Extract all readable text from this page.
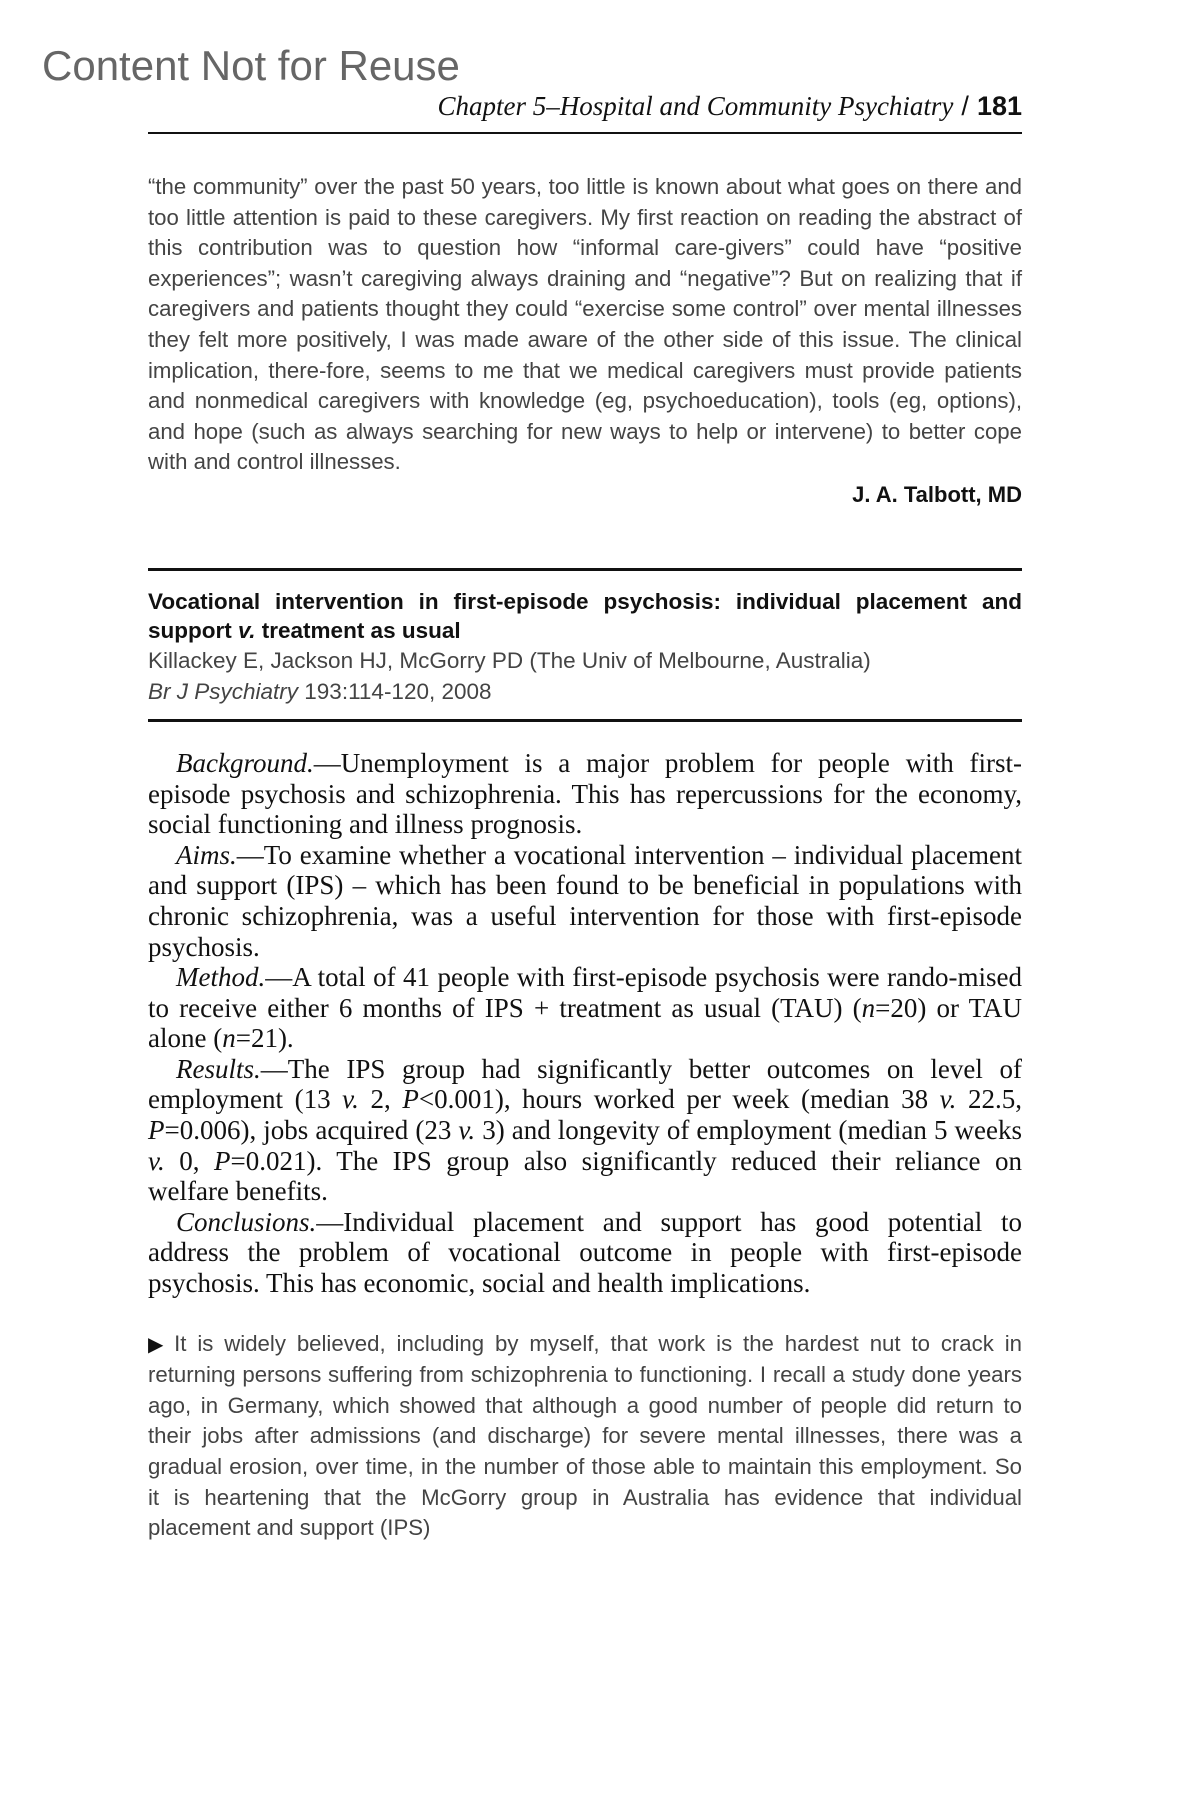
Content Not for Reuse
Chapter 5–Hospital and Community Psychiatry / 181
“the community” over the past 50 years, too little is known about what goes on there and too little attention is paid to these caregivers. My first reaction on reading the abstract of this contribution was to question how “informal care-givers” could have “positive experiences”; wasn’t caregiving always draining and “negative”? But on realizing that if caregivers and patients thought they could “exercise some control” over mental illnesses they felt more positively, I was made aware of the other side of this issue. The clinical implication, there-fore, seems to me that we medical caregivers must provide patients and nonmedical caregivers with knowledge (eg, psychoeducation), tools (eg, options), and hope (such as always searching for new ways to help or intervene) to better cope with and control illnesses.
J. A. Talbott, MD
Vocational intervention in first-episode psychosis: individual placement and support v. treatment as usual
Killackey E, Jackson HJ, McGorry PD (The Univ of Melbourne, Australia)
Br J Psychiatry 193:114-120, 2008

Background.—Unemployment is a major problem for people with first-episode psychosis and schizophrenia. This has repercussions for the economy, social functioning and illness prognosis.

Aims.—To examine whether a vocational intervention – individual placement and support (IPS) – which has been found to be beneficial in populations with chronic schizophrenia, was a useful intervention for those with first-episode psychosis.

Method.—A total of 41 people with first-episode psychosis were rando-mised to receive either 6 months of IPS + treatment as usual (TAU) (n=20) or TAU alone (n=21).

Results.—The IPS group had significantly better outcomes on level of employment (13 v. 2, P<0.001), hours worked per week (median 38 v. 22.5, P=0.006), jobs acquired (23 v. 3) and longevity of employment (median 5 weeks v. 0, P=0.021). The IPS group also significantly reduced their reliance on welfare benefits.

Conclusions.—Individual placement and support has good potential to address the problem of vocational outcome in people with first-episode psychosis. This has economic, social and health implications.

▶ It is widely believed, including by myself, that work is the hardest nut to crack in returning persons suffering from schizophrenia to functioning. I recall a study done years ago, in Germany, which showed that although a good number of people did return to their jobs after admissions (and discharge) for severe mental illnesses, there was a gradual erosion, over time, in the number of those able to maintain this employment. So it is heartening that the McGorry group in Australia has evidence that individual placement and support (IPS)
